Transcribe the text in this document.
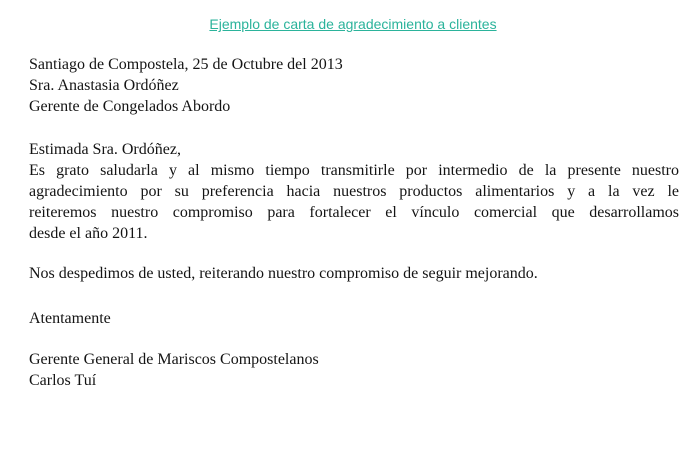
Ejemplo de carta de agradecimiento a clientes
Santiago de Compostela, 25 de Octubre del 2013
Sra. Anastasia Ordóñez
Gerente de Congelados Abordo
Estimada Sra. Ordóñez,
Es grato saludarla y al mismo tiempo transmitirle por intermedio de la presente nuestro
agradecimiento por su preferencia hacia nuestros productos alimentarios y a la vez le
reiteremos nuestro compromiso para fortalecer el vínculo comercial que desarrollamos
desde el año 2011.
Nos despedimos de usted, reiterando nuestro compromiso de seguir mejorando.
Atentamente
Gerente General de Mariscos Compostelanos
Carlos Tuí
